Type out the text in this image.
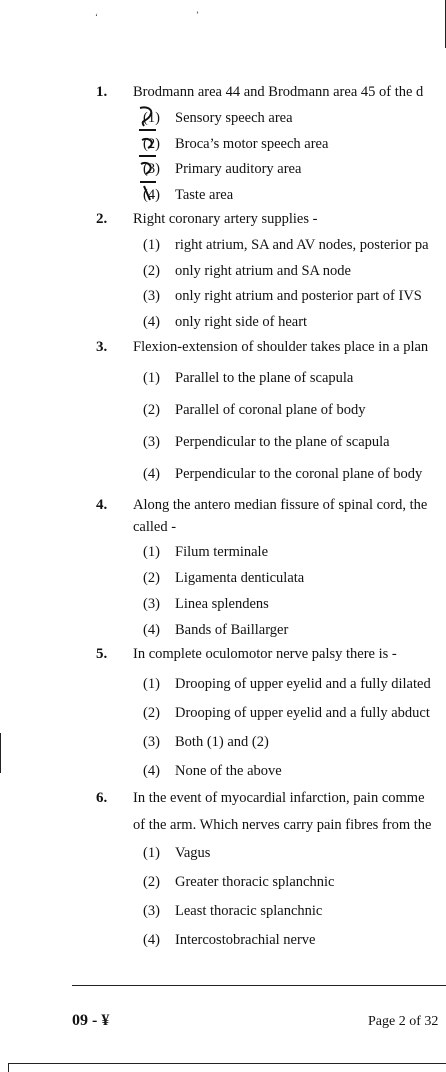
‘	’
1. Brodmann area 44 and Brodmann area 45 of the d
(1) Sensory speech area
(2) Broca’s motor speech area
(3) Primary auditory area
(4) Taste area
2. Right coronary artery supplies -
(1) right atrium, SA and AV nodes, posterior pa
(2) only right atrium and SA node
(3) only right atrium and posterior part of IVS
(4) only right side of heart
3. Flexion-extension of shoulder takes place in a plan
(1) Parallel to the plane of scapula
(2) Parallel of coronal plane of body
(3) Perpendicular to the plane of scapula
(4) Perpendicular to the coronal plane of body
4. Along the antero median fissure of spinal cord, the
called -
(1) Filum terminale
(2) Ligamenta denticulata
(3) Linea splendens
(4) Bands of Baillarger
5. In complete oculomotor nerve palsy there is -
(1) Drooping of upper eyelid and a fully dilated
(2) Drooping of upper eyelid and a fully abduct
(3) Both (1) and (2)
(4) None of the above
6. In the event of myocardial infarction, pain comme
of the arm. Which nerves carry pain fibres from the
(1) Vagus
(2) Greater thoracic splanchnic
(3) Least thoracic splanchnic
(4) Intercostobrachial nerve
09 - ¥	Page 2 of 32
